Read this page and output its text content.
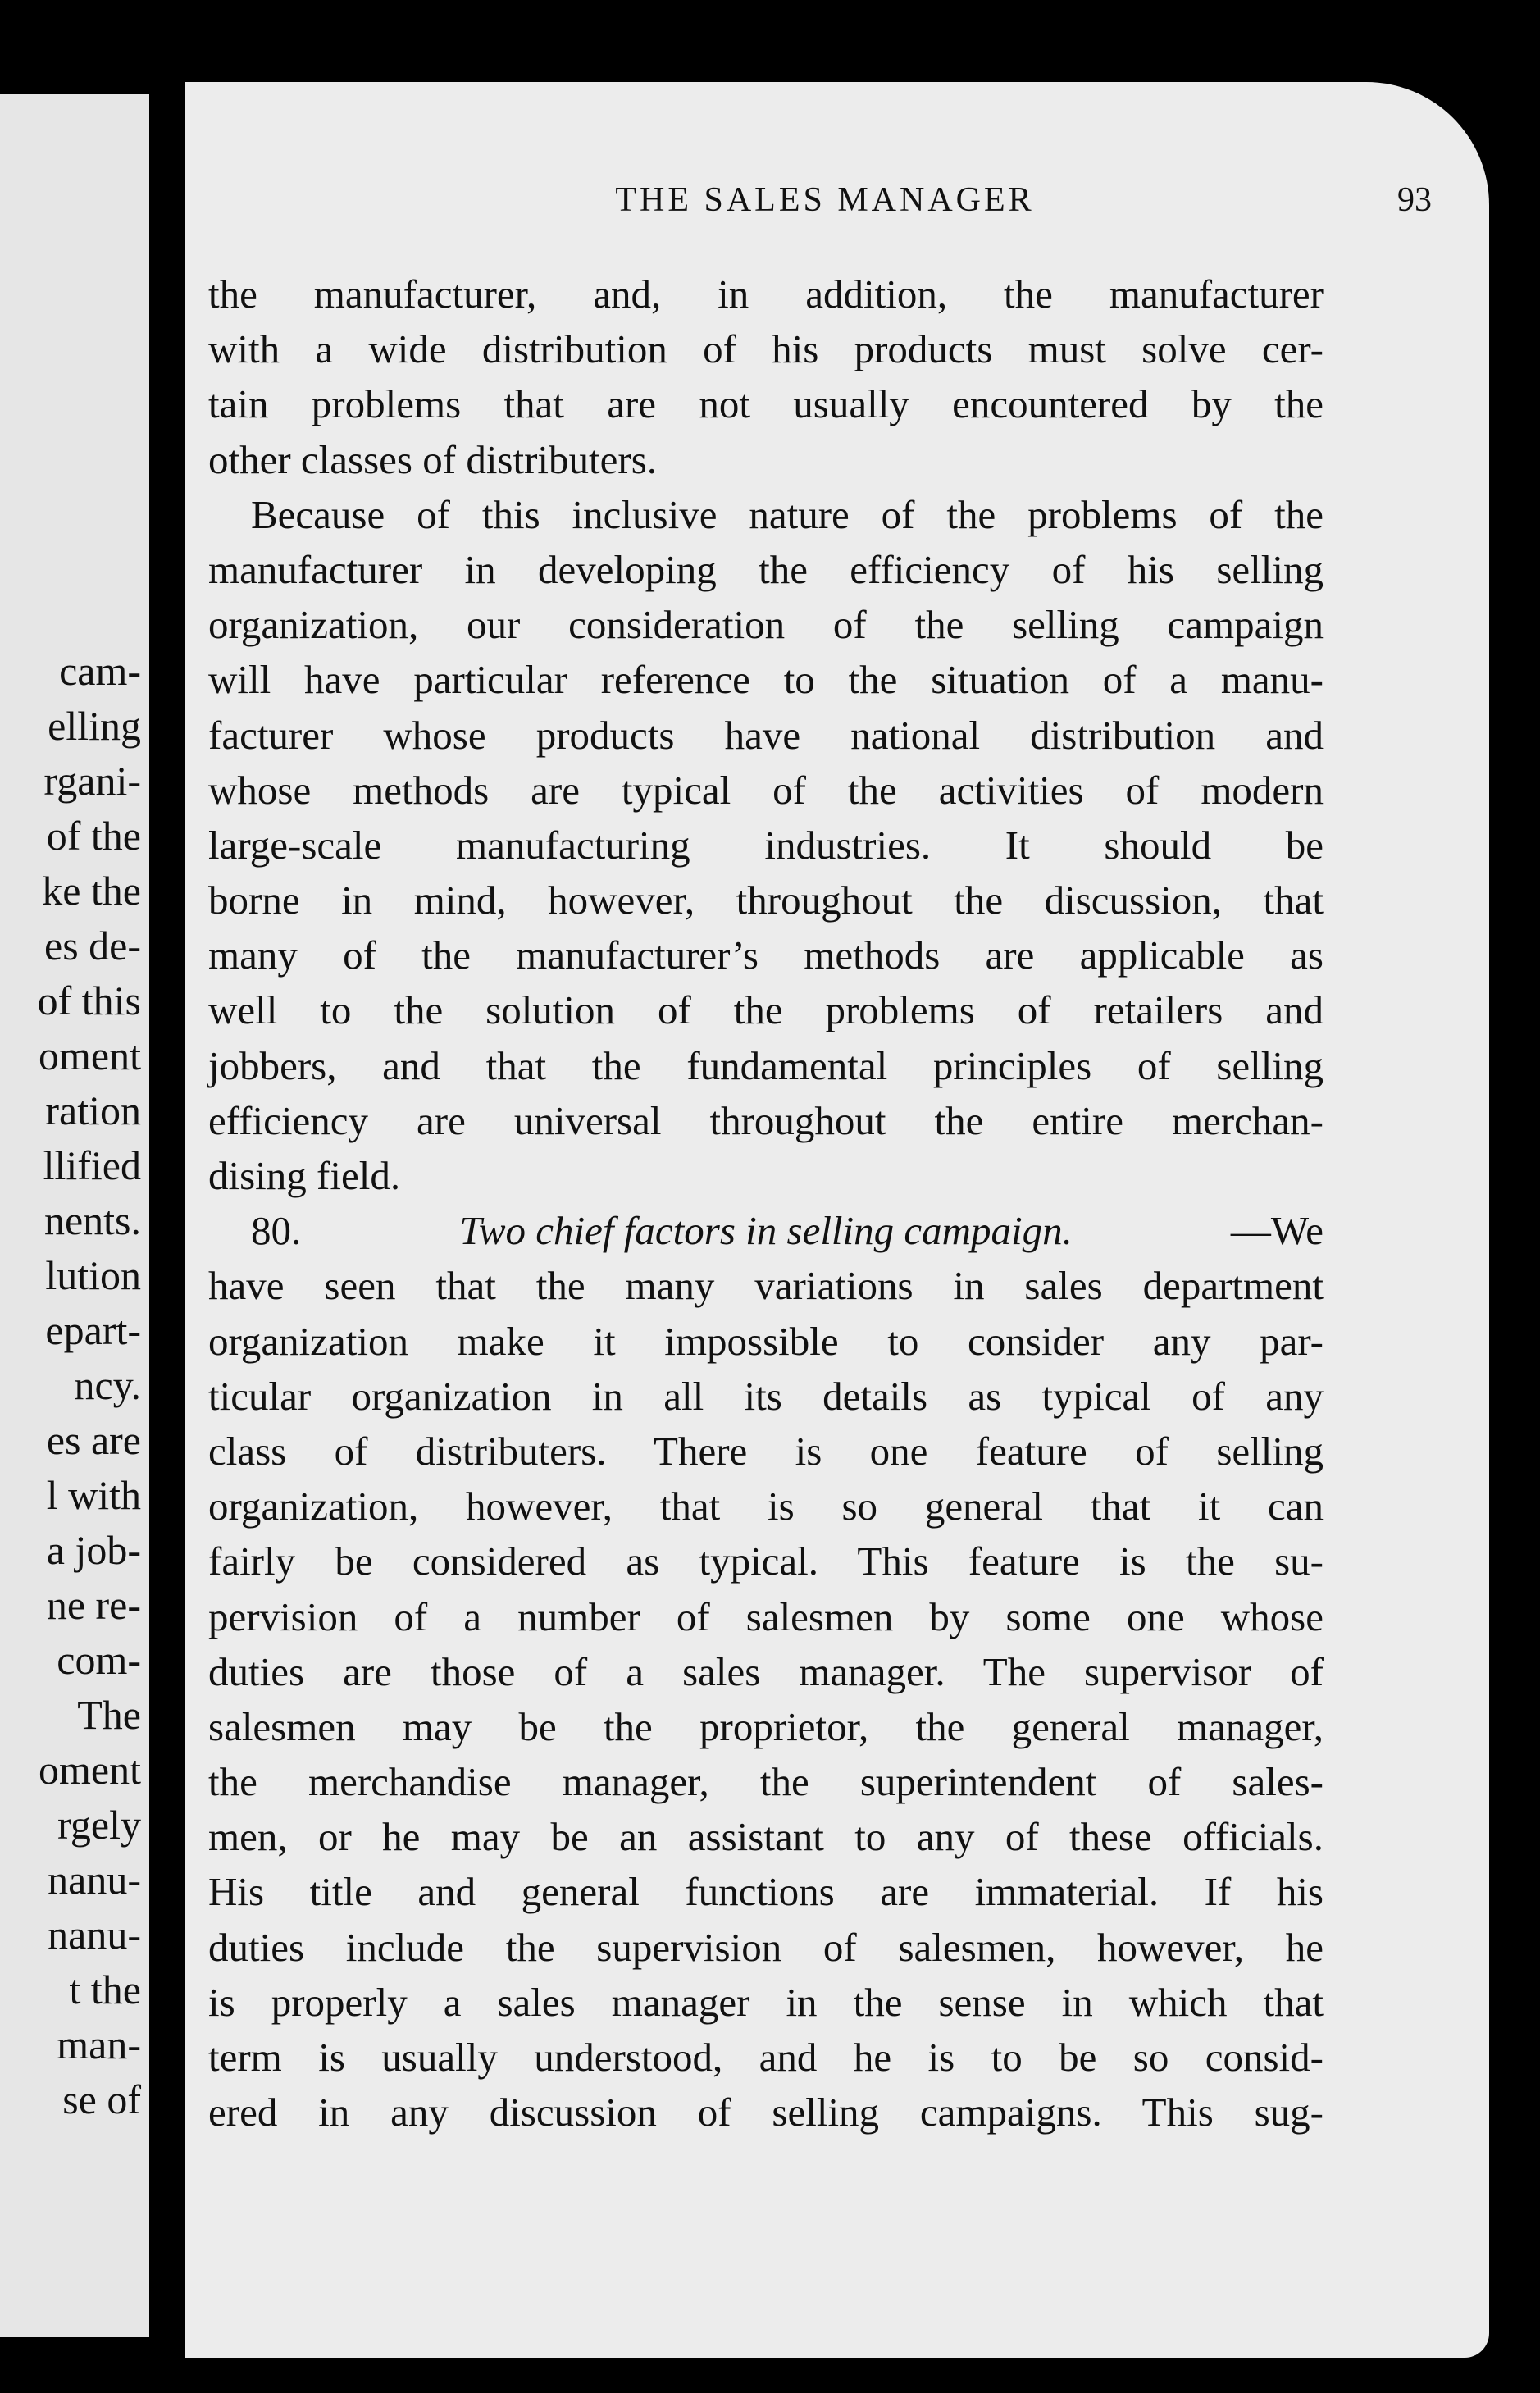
cam-
elling
rgani-
of the
ke the
es de-
of this
oment
ration
llified
nents.
lution
epart-
ncy.
es are
l with
a job-
ne re-
com-
The
oment
rgely
nanu-
nanu-
t the
man-
se of
THE SALES MANAGER	93
the manufacturer, and, in addition, the manufacturer
with a wide distribution of his products must solve cer-
tain problems that are not usually encountered by the
other classes of distributers.
Because of this inclusive nature of the problems of the
manufacturer in developing the efficiency of his selling
organization, our consideration of the selling campaign
will have particular reference to the situation of a manu-
facturer whose products have national distribution and
whose methods are typical of the activities of modern
large-scale manufacturing industries. It should be
borne in mind, however, throughout the discussion, that
many of the manufacturer’s methods are applicable as
well to the solution of the problems of retailers and
jobbers, and that the fundamental principles of selling
efficiency are universal throughout the entire merchan-
dising field.
80.	Two chief factors in selling campaign.	—We
have seen that the many variations in sales department
organization make it impossible to consider any par-
ticular organization in all its details as typical of any
class of distributers. There is one feature of selling
organization, however, that is so general that it can
fairly be considered as typical. This feature is the su-
pervision of a number of salesmen by some one whose
duties are those of a sales manager. The supervisor of
salesmen may be the proprietor, the general manager,
the merchandise manager, the superintendent of sales-
men, or he may be an assistant to any of these officials.
His title and general functions are immaterial. If his
duties include the supervision of salesmen, however, he
is properly a sales manager in the sense in which that
term is usually understood, and he is to be so consid-
ered in any discussion of selling campaigns. This sug-
